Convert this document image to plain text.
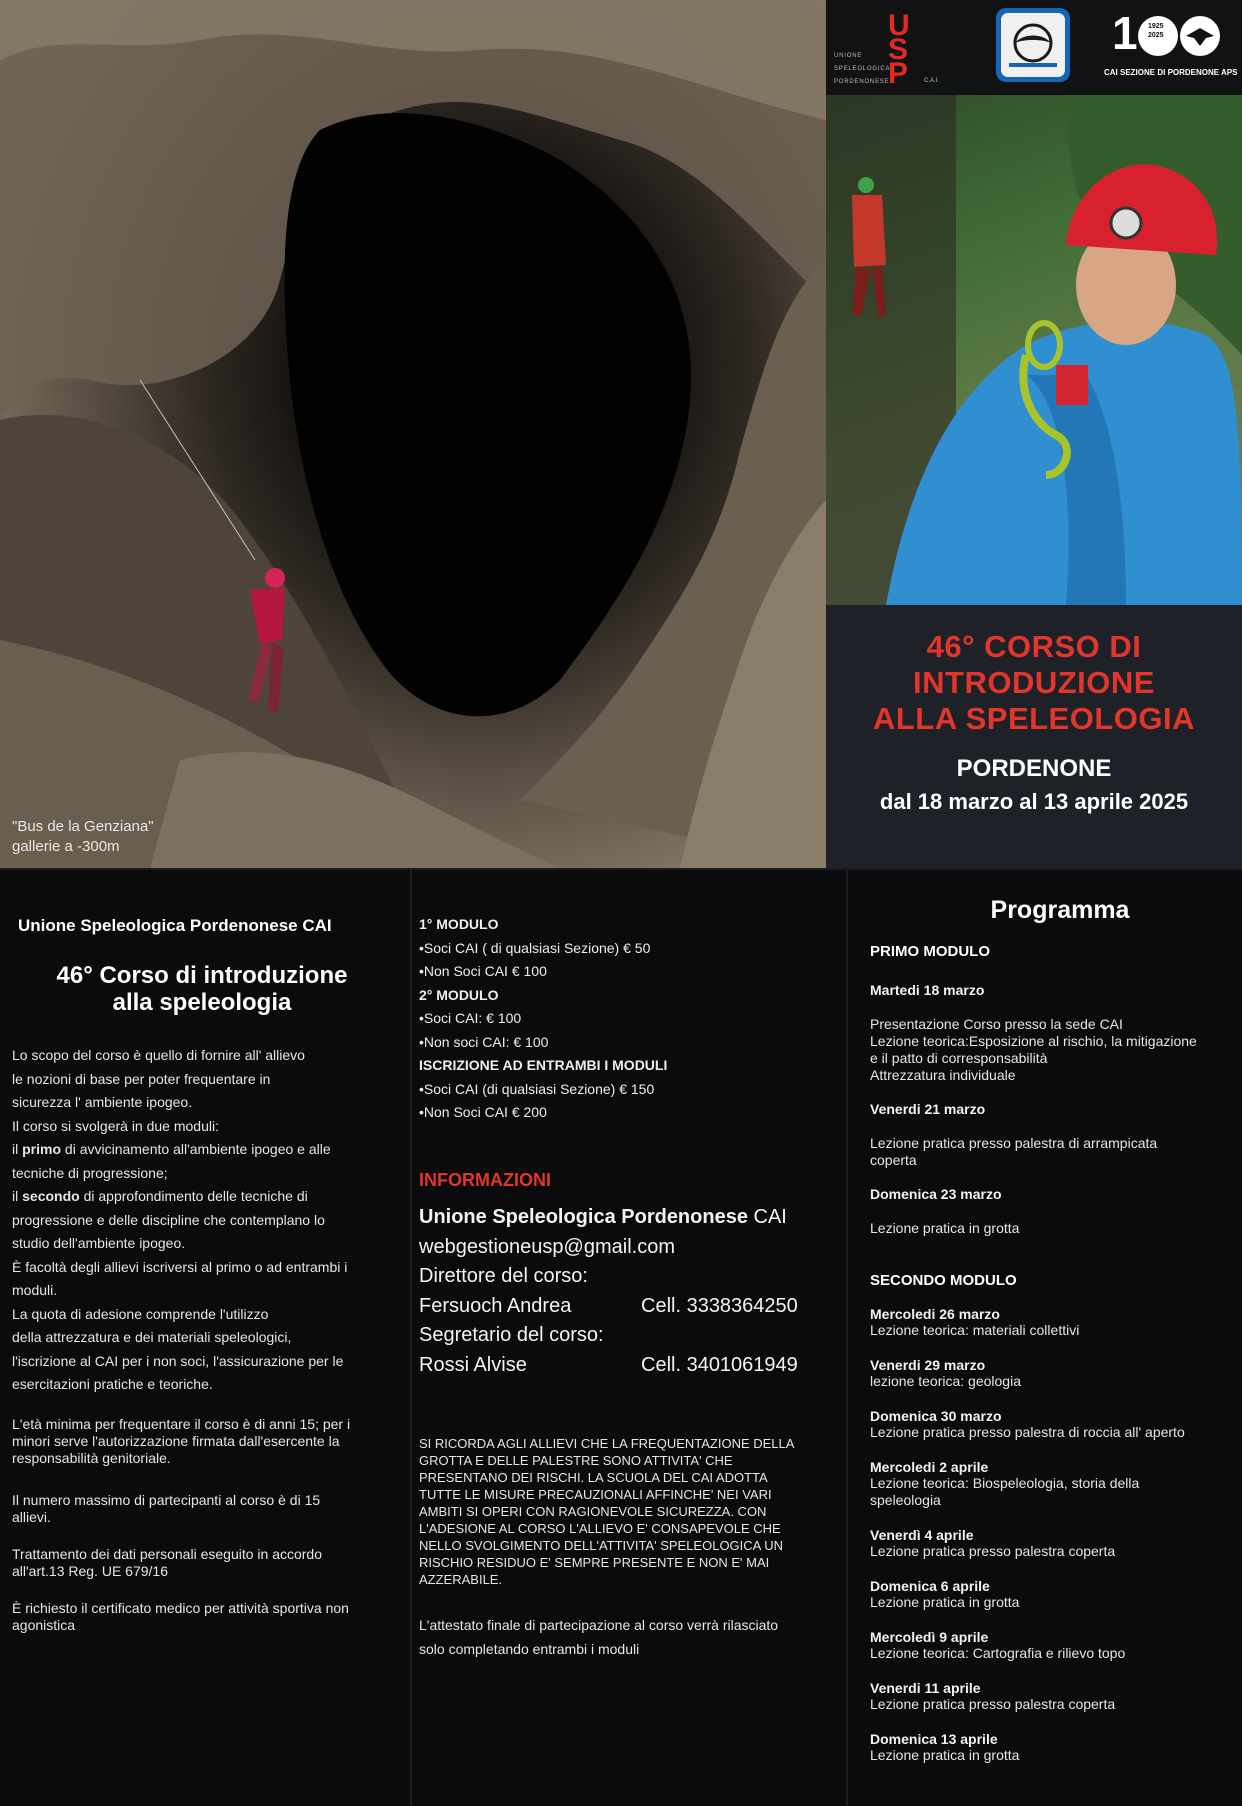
"Bus de la Genziana"
gallerie a -300m
UNIONE
SPELEOLOGICA
PORDENONESE
USP	C.A.I.
1 1925
2025
CAI SEZIONE DI PORDENONE APS
46° CORSO DI
INTRODUZIONE
ALLA SPELEOLOGIA
PORDENONE
dal 18 marzo al 13 aprile 2025
Unione Speleologica Pordenonese CAI
46° Corso di introduzione
alla speleologia
Lo scopo del corso è quello di fornire all' allievo
le nozioni di base per poter frequentare in
sicurezza l' ambiente ipogeo.
Il corso si svolgerà in due moduli:
il primo di avvicinamento all'ambiente ipogeo e alle
tecniche di progressione;
il secondo di approfondimento delle tecniche di
progressione e delle discipline che contemplano lo
studio dell'ambiente ipogeo.
È facoltà degli allievi iscriversi al primo o ad entrambi i
moduli.
La quota di adesione comprende l'utilizzo
della attrezzatura e dei materiali speleologici,
l'iscrizione al CAI per i non soci, l'assicurazione per le
esercitazioni pratiche e teoriche.
L'età minima per frequentare il corso è di anni 15; per i
minori serve l'autorizzazione firmata dall'esercente la
responsabilità genitoriale.
Il numero massimo di partecipanti al corso è di 15
allievi.
Trattamento dei dati personali eseguito in accordo
all'art.13 Reg. UE 679/16
È richiesto il certificato medico per attività sportiva non
agonistica
1° MODULO
•Soci CAI ( di qualsiasi Sezione) € 50
•Non Soci CAI € 100
2° MODULO
•Soci CAI: € 100
•Non soci CAI: € 100
ISCRIZIONE AD ENTRAMBI I MODULI
•Soci CAI (di qualsiasi Sezione) € 150
•Non Soci CAI € 200
INFORMAZIONI
Unione Speleologica Pordenonese CAI
webgestioneusp@gmail.com
Direttore del corso:
Fersuoch Andrea	Cell. 3338364250
Segretario del corso:
Rossi Alvise	Cell. 3401061949
SI RICORDA AGLI ALLIEVI CHE LA FREQUENTAZIONE DELLA
GROTTA E DELLE PALESTRE SONO ATTIVITA' CHE
PRESENTANO DEI RISCHI. LA SCUOLA DEL CAI ADOTTA
TUTTE LE MISURE PRECAUZIONALI AFFINCHE' NEI VARI
AMBITI SI OPERI CON RAGIONEVOLE SICUREZZA. CON
L'ADESIONE AL CORSO L'ALLIEVO E' CONSAPEVOLE CHE
NELLO SVOLGIMENTO DELL'ATTIVITA' SPELEOLOGICA UN
RISCHIO RESIDUO E' SEMPRE PRESENTE E NON E' MAI
AZZERABILE.
L'attestato finale di partecipazione al corso verrà rilasciato
solo completando entrambi i moduli
Programma
PRIMO MODULO
Martedi 18 marzo
Presentazione Corso presso la sede CAI
Lezione teorica:Esposizione al rischio, la mitigazione
e il patto di corresponsabilità
Attrezzatura individuale
Venerdi 21 marzo
Lezione pratica presso palestra di arrampicata
coperta
Domenica 23 marzo
Lezione pratica in grotta
SECONDO MODULO
Mercoledi 26 marzo
Lezione teorica: materiali collettivi
Venerdi 29 marzo
lezione teorica: geologia
Domenica 30 marzo
Lezione pratica presso palestra di roccia all' aperto
Mercoledi 2 aprile
Lezione teorica: Biospeleologia, storia della
speleologia
Venerdì 4 aprile
Lezione pratica presso palestra coperta
Domenica 6 aprile
Lezione pratica in grotta
Mercoledì 9 aprile
Lezione teorica: Cartografia e rilievo topo
Venerdi 11 aprile
Lezione pratica presso palestra coperta
Domenica 13 aprile
Lezione pratica in grotta
